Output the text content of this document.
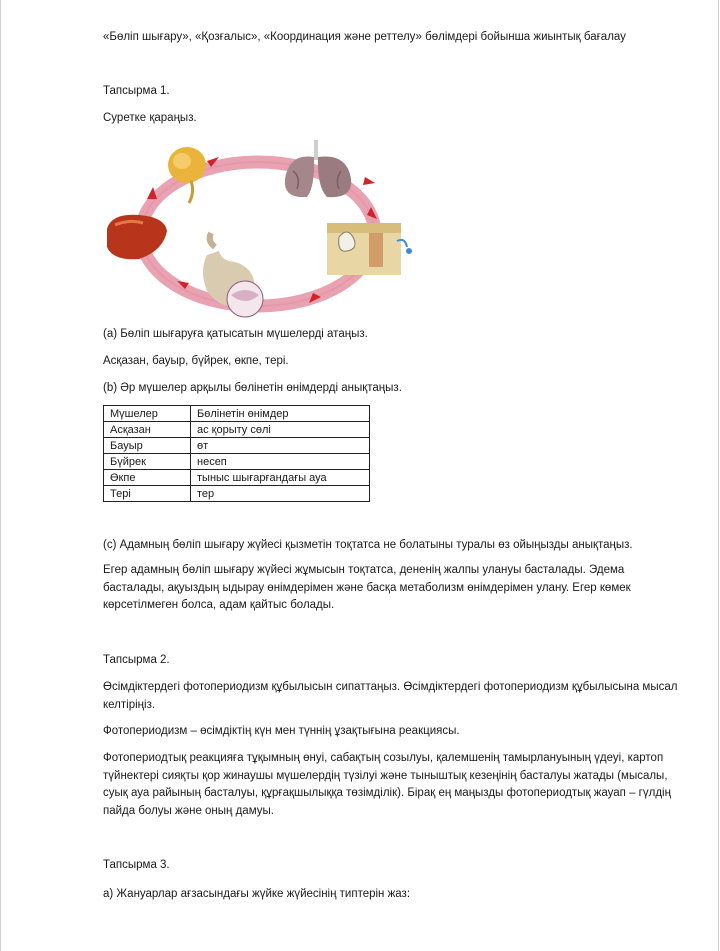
«Бөліп шығару», «Қозғалыс», «Координация және реттелу» бөлімдері бойынша жиынтық бағалау

Тапсырма 1.

Суретке қараңыз.

(а) Бөліп шығаруға қатысатын мүшелерді атаңыз.

Асқазан, бауыр, бүйрек, өкпе, тері.

(b) Әр мүшелер арқылы бөлінетін өнімдерді анықтаңыз.

Мүшелер	Бөлінетін өнімдер
Асқазан	ас қорыту сөлі
Бауыр	өт
Бүйрек	несеп
Өкпе	тыныс шығарғандағы ауа
Тері	тер

(с) Адамның бөліп шығару жүйесі қызметін тоқтатса не болатыны туралы өз ойыңызды анықтаңыз.

Егер адамның бөліп шығару жүйесі жұмысын тоқтатса, дененің жалпы улануы басталады. Эдема басталады, ақуыздың ыдырау өнімдерімен және басқа метаболизм өнімдерімен улану. Егер көмек көрсетілмеген болса, адам қайтыс болады.

Тапсырма 2.

Өсімдіктердегі фотопериодизм құбылысын сипаттаңыз. Өсімдіктердегі фотопериодизм құбылысына мысал келтіріңіз.

Фотопериодизм – өсімдіктің күн мен түннің ұзақтығына реакциясы.

Фотопериодтық реакцияға тұқымның өнуі, сабақтың созылуы, қалемшенің тамырлануының үдеуі, картоп түйнектері сияқты қор жинаушы мүшелердің түзілуі және тыныштық кезеңінің басталуы жатады (мысалы, суық ауа райының басталуы, құрғақшылыққа төзімділік). Бірақ ең маңызды фотопериодтық жауап – гүлдің пайда болуы және оның дамуы.

Тапсырма 3.

а) Жануарлар ағзасындағы жүйке жүйесінің типтерін жаз:
